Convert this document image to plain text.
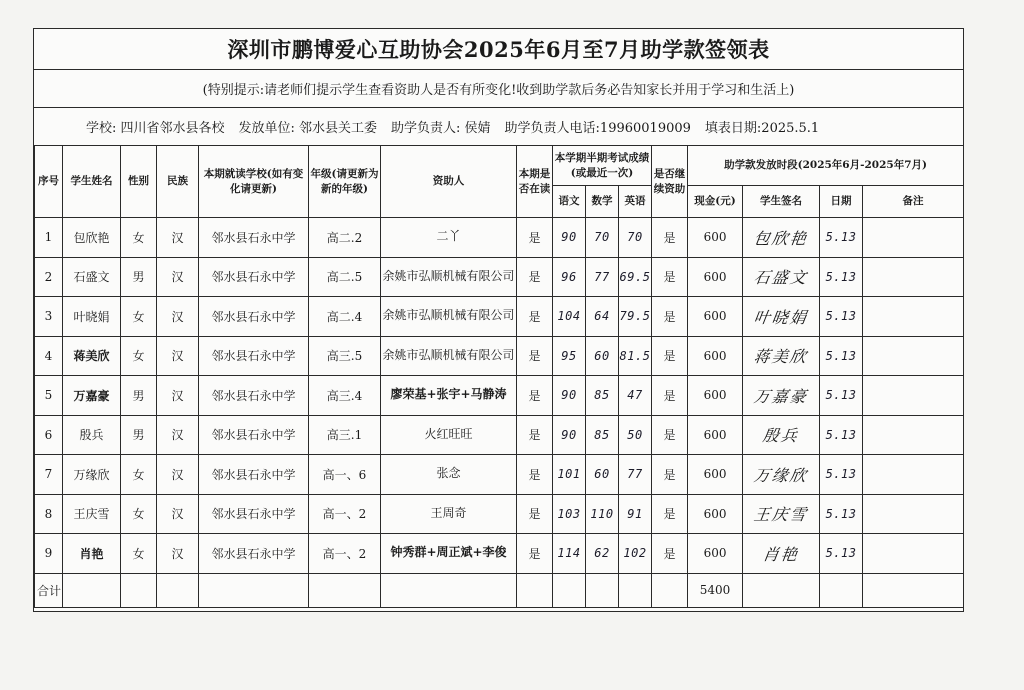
深圳市鹏博爱心互助协会2025年6月至7月助学款签领表
(特别提示:请老师们提示学生查看资助人是否有所变化!收到助学款后务必告知家长并用于学习和生活上)
学校: 四川省邻水县各校 发放单位: 邻水县关工委 助学负责人: 侯婧 助学负责人电话:19960019009 填表日期:2025.5.1
序号	学生姓名	性别	民族	本期就读学校(如有变化请更新)	年级(请更新为新的年级)	资助人	本期是否在读	本学期半期考试成绩(或最近一次)			是否继续资助	助学款发放时段(2025年6月-2025年7月)			
								语文	数学	英语		现金(元)	学生签名	日期	备注
1	包欣艳	女	汉	邻水县石永中学	高二.2	二丫	是	90	70	70	是	600	包欣艳	5.13	
2	石盛文	男	汉	邻水县石永中学	高二.5	余姚市弘顺机械有限公司	是	96	77	69.5	是	600	石盛文	5.13	
3	叶晓娟	女	汉	邻水县石永中学	高二.4	余姚市弘顺机械有限公司	是	104	64	79.5	是	600	叶晓娟	5.13	
4	蒋美欣	女	汉	邻水县石永中学	高三.5	余姚市弘顺机械有限公司	是	95	60	81.5	是	600	蒋美欣	5.13	
5	万嘉豪	男	汉	邻水县石永中学	高三.4	廖荣基+张宇+马静涛	是	90	85	47	是	600	万嘉豪	5.13	
6	殷兵	男	汉	邻水县石永中学	高三.1	火红旺旺	是	90	85	50	是	600	殷兵	5.13	
7	万缘欣	女	汉	邻水县石永中学	高一、6	张念	是	101	60	77	是	600	万缘欣	5.13	
8	王庆雪	女	汉	邻水县石永中学	高一、2	王周奇	是	103	110	91	是	600	王庆雪	5.13	
9	肖艳	女	汉	邻水县石永中学	高一、2	钟秀群+周正斌+李俊	是	114	62	102	是	600	肖艳	5.13	
合计												5400			
